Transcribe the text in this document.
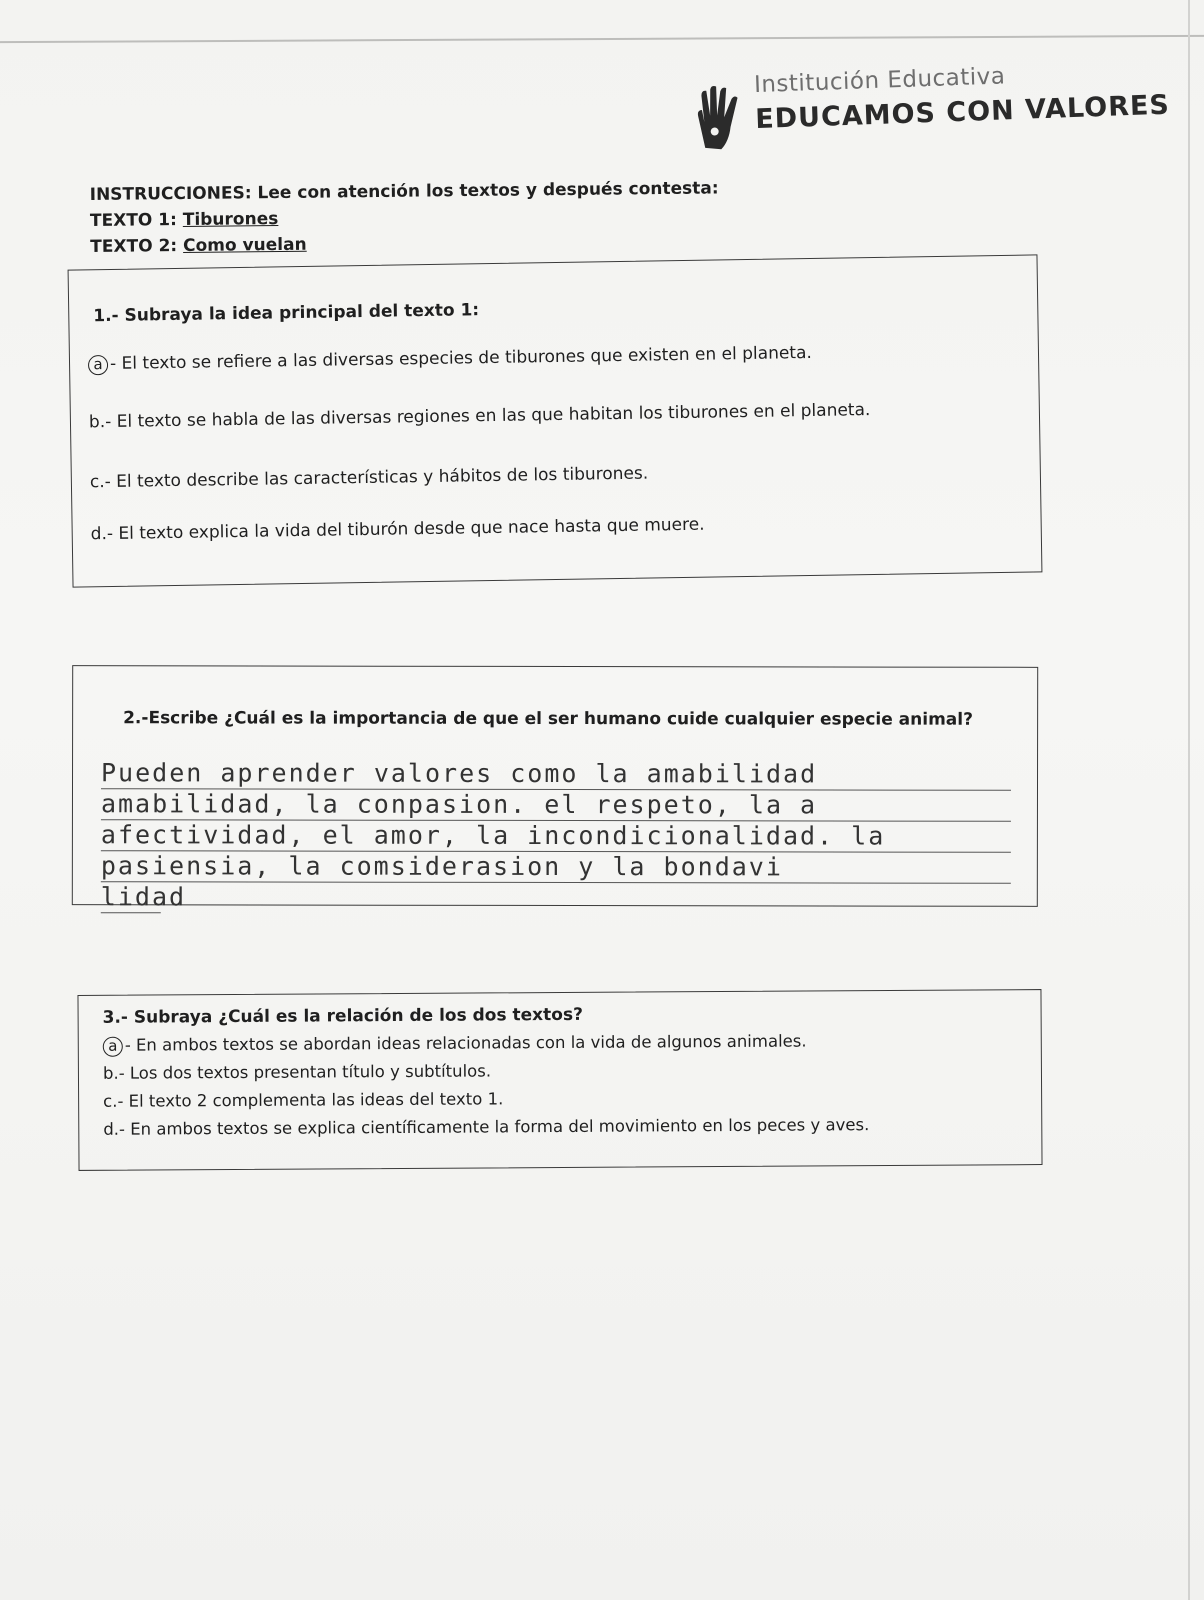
Institución Educativa
EDUCAMOS CON VALORES
INSTRUCCIONES: Lee con atención los textos y después contesta:
TEXTO 1: Tiburones
TEXTO 2: Como vuelan
1.- Subraya la idea principal del texto 1:
a - El texto se refiere a las diversas especies de tiburones que existen en el planeta.
b.- El texto se habla de las diversas regiones en las que habitan los tiburones en el planeta.
c.- El texto describe las características y hábitos de los tiburones.
d.- El texto explica la vida del tiburón desde que nace hasta que muere.
2.-Escribe ¿Cuál es la importancia de que el ser humano cuide cualquier especie animal?
Pueden aprender valores como la amabilidad
amabilidad, la conpasion. el respeto, la a
afectividad, el amor, la incondicionalidad. la
pasiensia, la comsiderasion y la bondavi
lidad
3.- Subraya ¿Cuál es la relación de los dos textos?
a - En ambos textos se abordan ideas relacionadas con la vida de algunos animales.
b.- Los dos textos presentan título y subtítulos.
c.- El texto 2 complementa las ideas del texto 1.
d.- En ambos textos se explica científicamente la forma del movimiento en los peces y aves.
